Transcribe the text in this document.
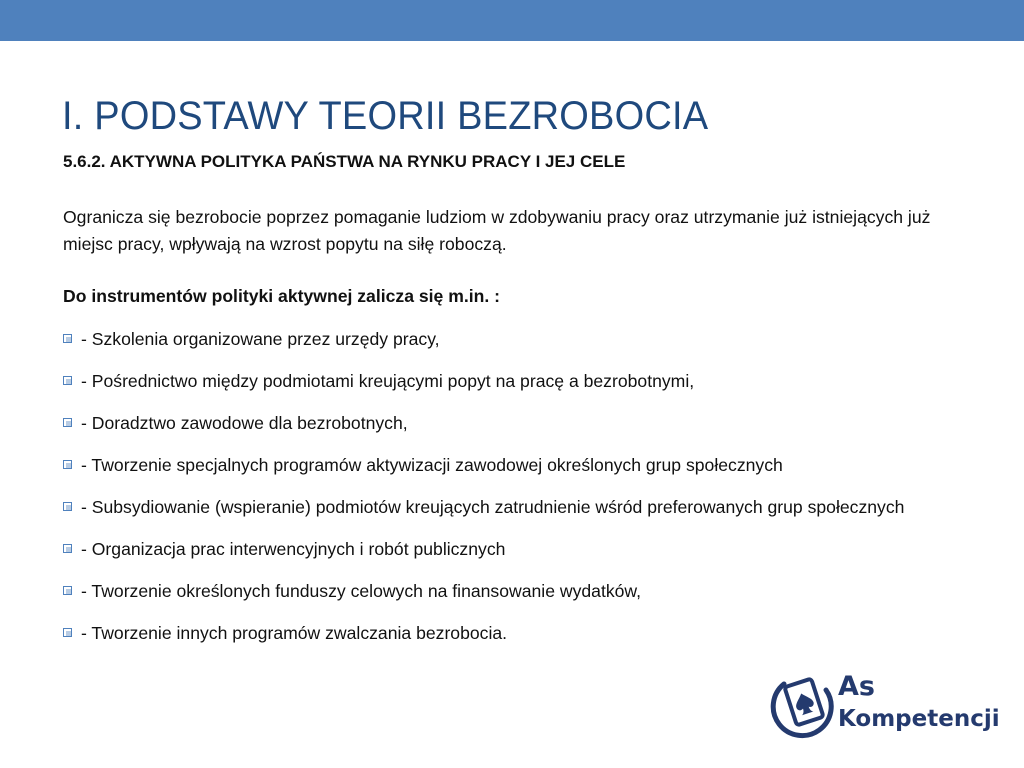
I. PODSTAWY TEORII BEZROBOCIA
5.6.2. AKTYWNA POLITYKA PAŃSTWA NA RYNKU PRACY I JEJ CELE
Ogranicza się bezrobocie poprzez pomaganie ludziom w zdobywaniu pracy oraz utrzymanie już istniejących już miejsc pracy, wpływają na wzrost popytu na siłę roboczą.
Do instrumentów polityki aktywnej zalicza się m.in. :
- Szkolenia organizowane przez urzędy pracy,
- Pośrednictwo między podmiotami kreującymi popyt na pracę a bezrobotnymi,
- Doradztwo zawodowe dla bezrobotnych,
- Tworzenie specjalnych programów aktywizacji zawodowej określonych grup społecznych
- Subsydiowanie (wspieranie) podmiotów kreujących zatrudnienie wśród preferowanych grup społecznych
- Organizacja prac interwencyjnych i robót publicznych
- Tworzenie określonych funduszy celowych na finansowanie wydatków,
- Tworzenie innych programów zwalczania bezrobocia.
As
Kompetencji
